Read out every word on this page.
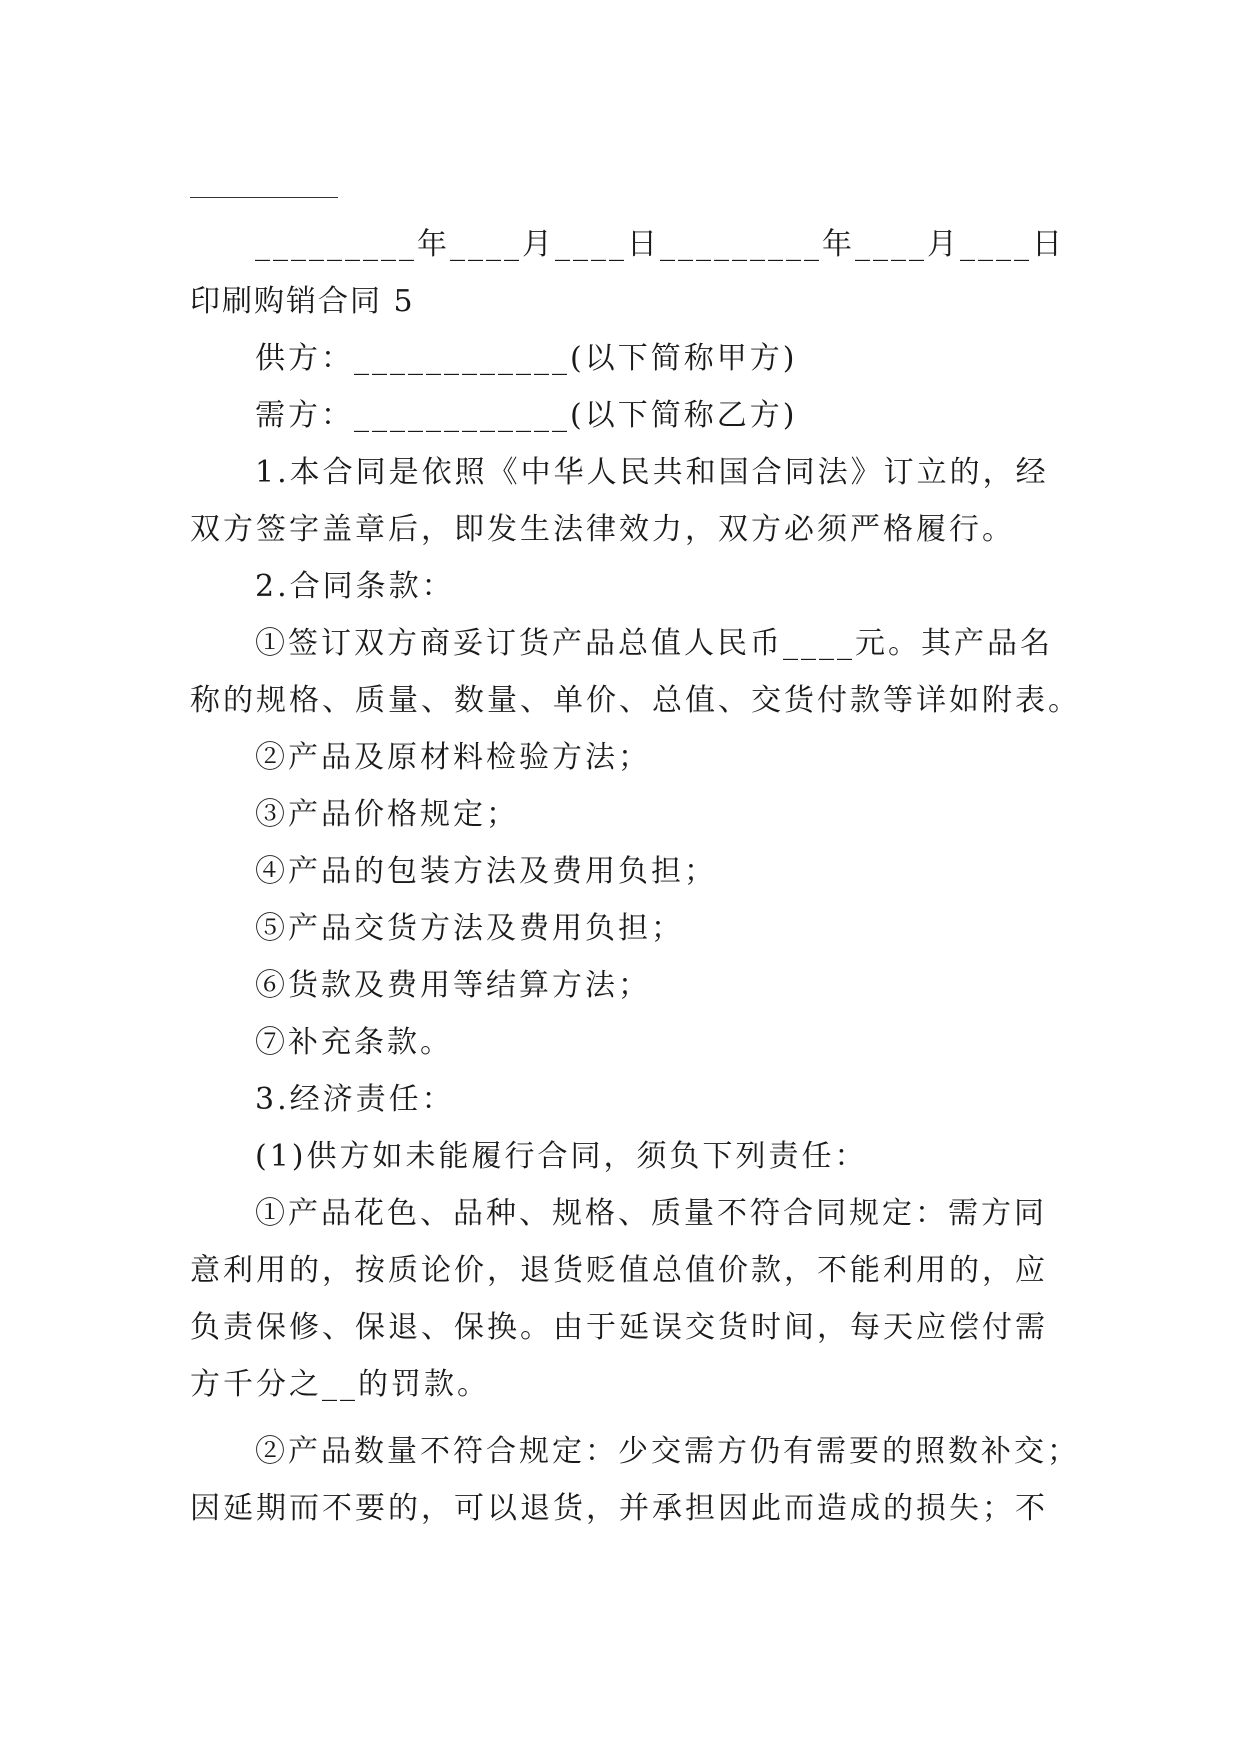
_________年____月____日_________年____月____日
印刷购销合同 5
供方：____________(以下简称甲方)
需方：____________(以下简称乙方)
1.本合同是依照《中华人民共和国合同法》订立的，经
双方签字盖章后，即发生法律效力，双方必须严格履行。
2.合同条款：
①签订双方商妥订货产品总值人民币____元。其产品名
称的规格、质量、数量、单价、总值、交货付款等详如附表。
②产品及原材料检验方法；
③产品价格规定；
④产品的包装方法及费用负担；
⑤产品交货方法及费用负担；
⑥货款及费用等结算方法；
⑦补充条款。
3.经济责任：
(1)供方如未能履行合同，须负下列责任：
①产品花色、品种、规格、质量不符合同规定：需方同
意利用的，按质论价，退货贬值总值价款，不能利用的，应
负责保修、保退、保换。由于延误交货时间，每天应偿付需
方千分之__的罚款。
②产品数量不符合规定：少交需方仍有需要的照数补交；
因延期而不要的，可以退货，并承担因此而造成的损失；不
